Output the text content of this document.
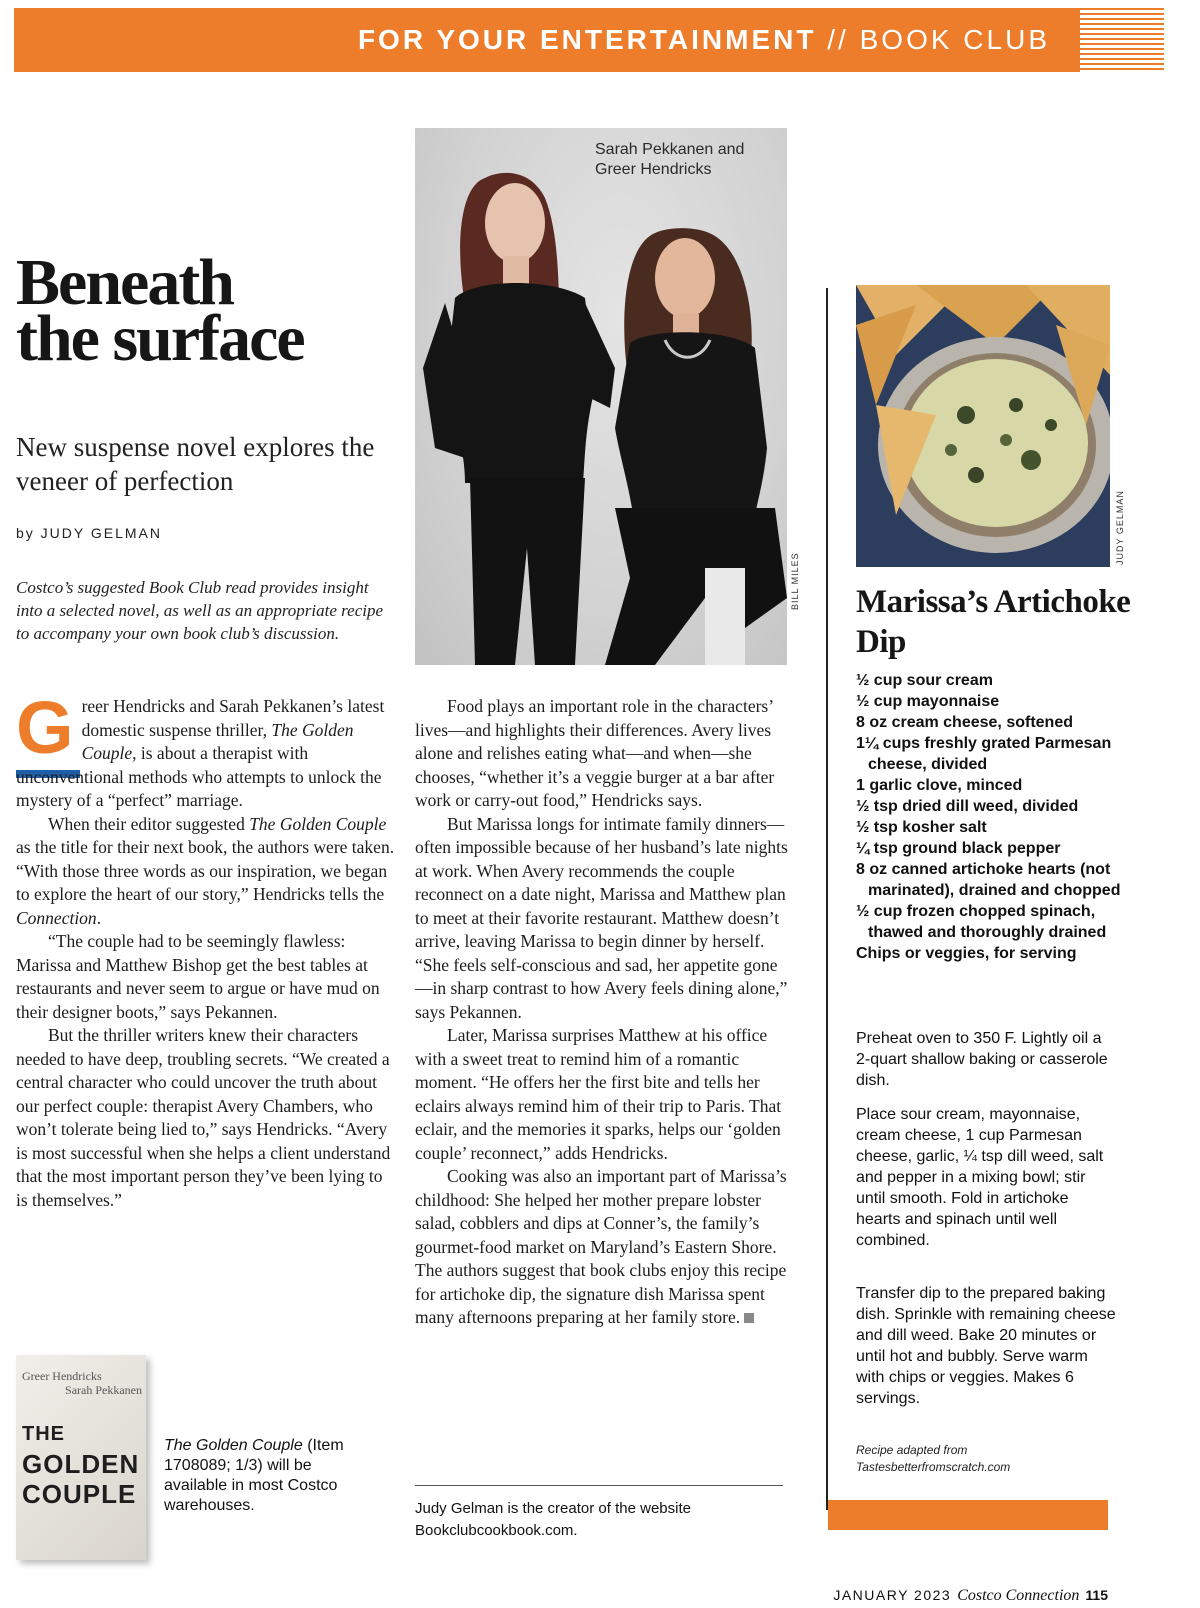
FOR YOUR ENTERTAINMENT // BOOK CLUB
Beneath
the surface
New suspense novel explores the veneer of perfection
by JUDY GELMAN
Costco’s suggested Book Club read provides insight into a selected novel, as well as an appropriate recipe to accompany your own book club’s discussion.
Sarah Pekkanen and Greer Hendricks
BILL MILES

Greer Hendricks and Sarah Pekkanen’s latest domestic suspense thriller, The Golden Couple, is about a therapist with unconventional methods who attempts to unlock the mystery of a “perfect” marriage.

When their editor suggested The Golden Couple as the title for their next book, the authors were taken. “With those three words as our inspiration, we began to explore the heart of our story,” Hendricks tells the Connection.

“The couple had to be seemingly flawless: Marissa and Matthew Bishop get the best tables at restaurants and never seem to argue or have mud on their designer boots,” says Pekannen.

But the thriller writers knew their characters needed to have deep, troubling secrets. “We created a central character who could uncover the truth about our perfect couple: therapist Avery Chambers, who won’t tolerate being lied to,” says Hendricks. “Avery is most successful when she helps a client understand that the most important person they’ve been lying to is themselves.”

Food plays an important role in the characters’ lives—and highlights their differences. Avery lives alone and relishes eating what—and when—she chooses, “whether it’s a veggie burger at a bar after work or carry-out food,” Hendricks says.

But Marissa longs for intimate family dinners—often impossible because of her husband’s late nights at work. When Avery recommends the couple reconnect on a date night, Marissa and Matthew plan to meet at their favorite restaurant. Matthew doesn’t arrive, leaving Marissa to begin dinner by herself. “She feels self-conscious and sad, her appetite gone—in sharp contrast to how Avery feels dining alone,” says Pekannen.

Later, Marissa surprises Matthew at his office with a sweet treat to remind him of a romantic moment. “He offers her the first bite and tells her eclairs always remind him of their trip to Paris. That eclair, and the memories it sparks, helps our ‘golden couple’ reconnect,” adds Hendricks.

Cooking was also an important part of Marissa’s childhood: She helped her mother prepare lobster salad, cobblers and dips at Conner’s, the family’s gourmet-food market on Maryland’s Eastern Shore. The authors suggest that book clubs enjoy this recipe for artichoke dip, the signature dish Marissa spent many afternoons preparing at her family store.

Greer Hendricks
Sarah Pekkanen
THE
GOLDEN
COUPLE
The Golden Couple (Item 1708089; 1/3) will be available in most Costco warehouses.	Judy Gelman is the creator of the website Bookclubcookbook.com.
JUDY GELMAN
Marissa’s Artichoke Dip
½ cup sour cream
½ cup mayonnaise
8 oz cream cheese, softened
1¼ cups freshly grated Parmesan cheese, divided
1 garlic clove, minced
½ tsp dried dill weed, divided
½ tsp kosher salt
¼ tsp ground black pepper
8 oz canned artichoke hearts (not marinated), drained and chopped
½ cup frozen chopped spinach, thawed and thoroughly drained
Chips or veggies, for serving
Preheat oven to 350 F. Lightly oil a 2-quart shallow baking or casserole dish.
Place sour cream, mayonnaise, cream cheese, 1 cup Parmesan cheese, garlic, ¼ tsp dill weed, salt and pepper in a mixing bowl; stir until smooth. Fold in artichoke hearts and spinach until well combined.
Transfer dip to the prepared baking dish. Sprinkle with remaining cheese and dill weed. Bake 20 minutes or until hot and bubbly. Serve warm with chips or veggies. Makes 6 servings.
Recipe adapted from
Tastesbetterfromscratch.com
JANUARY 2023 Costco Connection 115
